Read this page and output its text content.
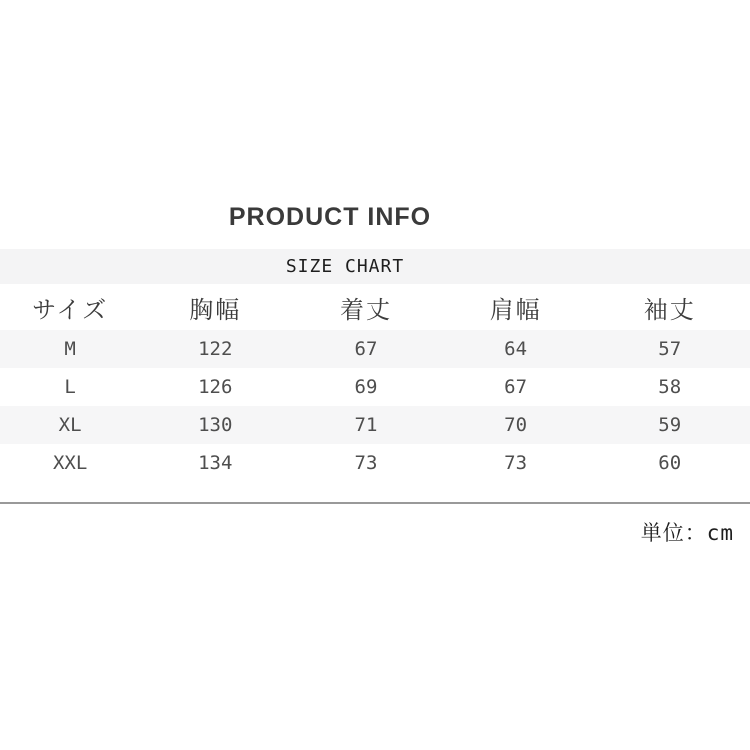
PRODUCT INFO
SIZE CHART
サイズ	胸幅	着丈	肩幅	袖丈
M	122	67	64	57
L	126	69	67	58
XL	130	71	70	59
XXL	134	73	73	60
単位：cm
